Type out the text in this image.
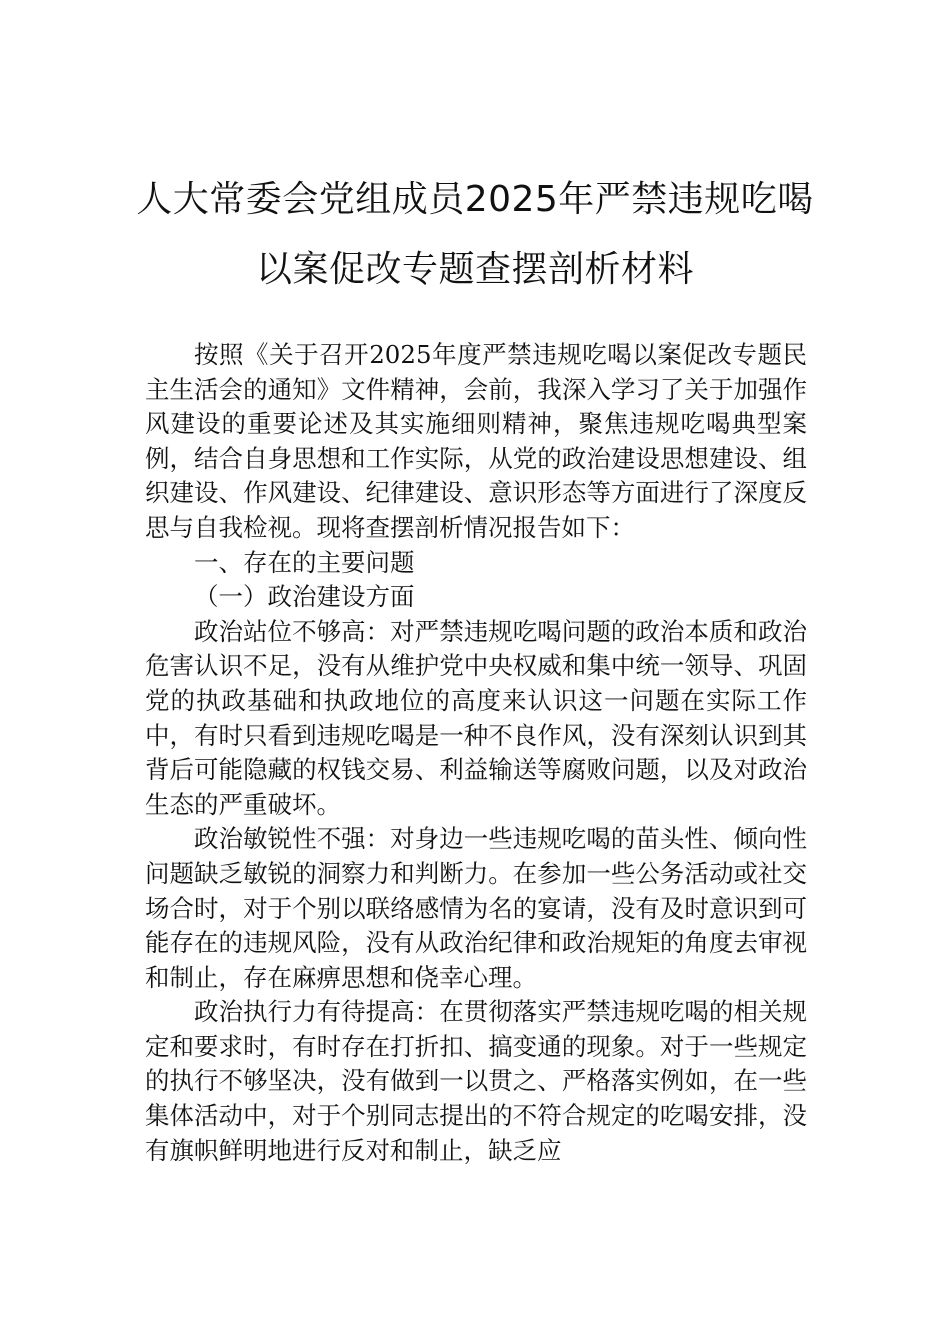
人大常委会党组成员2025年严禁违规吃喝
以案促改专题查摆剖析材料

按照《关于召开2025年度严禁违规吃喝以案促改专题民主生活会的通知》文件精神，会前，我深入学习了关于加强作风建设的重要论述及其实施细则精神，聚焦违规吃喝典型案例，结合自身思想和工作实际，从党的政治建设思想建设、组织建设、作风建设、纪律建设、意识形态等方面进行了深度反思与自我检视。现将查摆剖析情况报告如下：

一、存在的主要问题

（一）政治建设方面

政治站位不够高：对严禁违规吃喝问题的政治本质和政治危害认识不足，没有从维护党中央权威和集中统一领导、巩固党的执政基础和执政地位的高度来认识这一问题在实际工作中，有时只看到违规吃喝是一种不良作风，没有深刻认识到其背后可能隐藏的权钱交易、利益输送等腐败问题，以及对政治生态的严重破坏。

政治敏锐性不强：对身边一些违规吃喝的苗头性、倾向性问题缺乏敏锐的洞察力和判断力。在参加一些公务活动或社交场合时，对于个别以联络感情为名的宴请，没有及时意识到可能存在的违规风险，没有从政治纪律和政治规矩的角度去审视和制止，存在麻痹思想和侥幸心理。

政治执行力有待提高：在贯彻落实严禁违规吃喝的相关规定和要求时，有时存在打折扣、搞变通的现象。对于一些规定的执行不够坚决，没有做到一以贯之、严格落实例如，在一些集体活动中，对于个别同志提出的不符合规定的吃喝安排，没有旗帜鲜明地进行反对和制止，缺乏应
